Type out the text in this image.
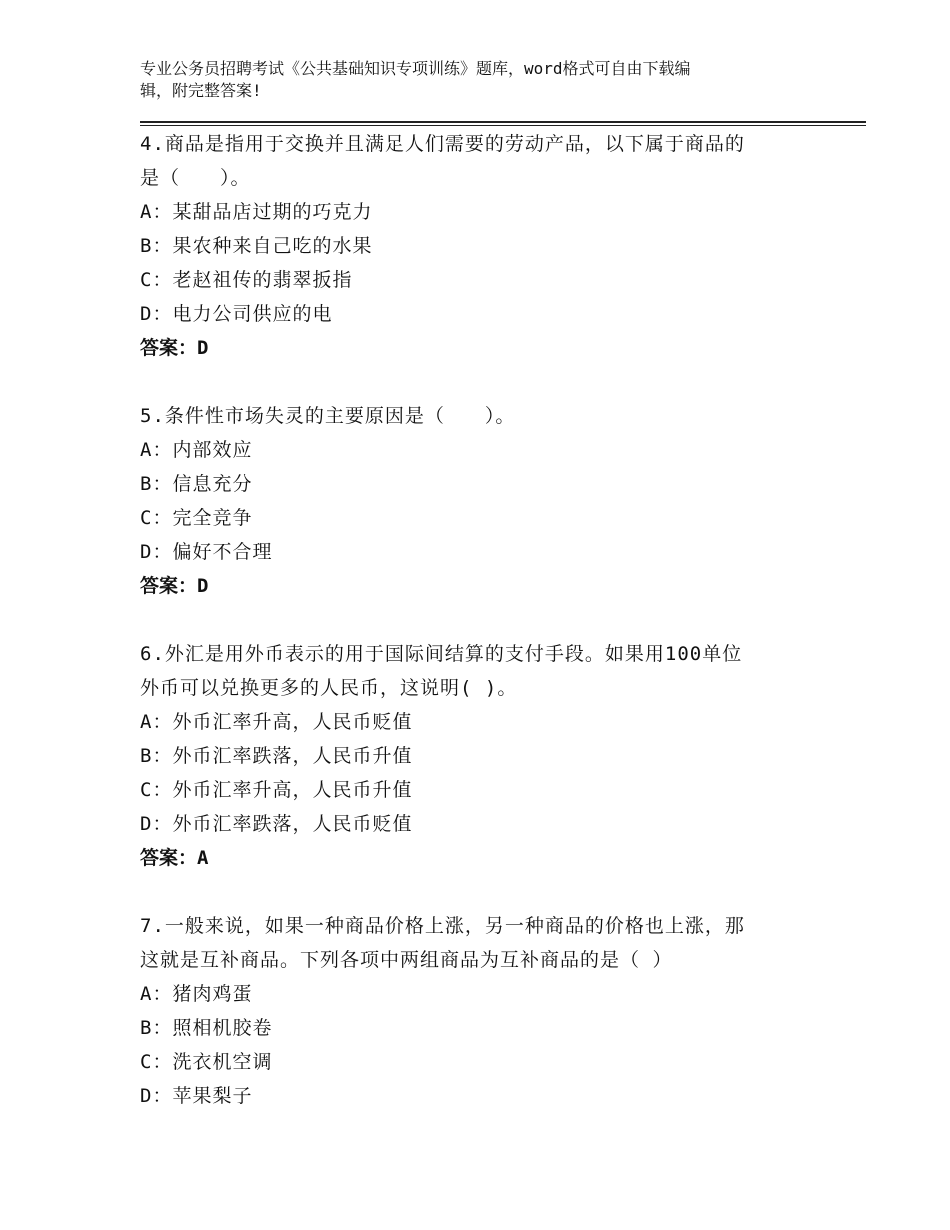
专业公务员招聘考试《公共基础知识专项训练》题库，word格式可自由下载编
辑，附完整答案!

4.商品是指用于交换并且满足人们需要的劳动产品，以下属于商品的

是（　　）。

A：某甜品店过期的巧克力

B：果农种来自己吃的水果

C：老赵祖传的翡翠扳指

D：电力公司供应的电

答案：D

5.条件性市场失灵的主要原因是（　　）。

A：内部效应

B：信息充分

C：完全竞争

D：偏好不合理

答案：D

6.外汇是用外币表示的用于国际间结算的支付手段。如果用100单位

外币可以兑换更多的人民币，这说明( )。

A：外币汇率升高，人民币贬值

B：外币汇率跌落，人民币升值

C：外币汇率升高，人民币升值

D：外币汇率跌落，人民币贬值

答案：A

7.一般来说，如果一种商品价格上涨，另一种商品的价格也上涨，那

这就是互补商品。下列各项中两组商品为互补商品的是（ ）

A：猪肉鸡蛋

B：照相机胶卷

C：洗衣机空调

D：苹果梨子
